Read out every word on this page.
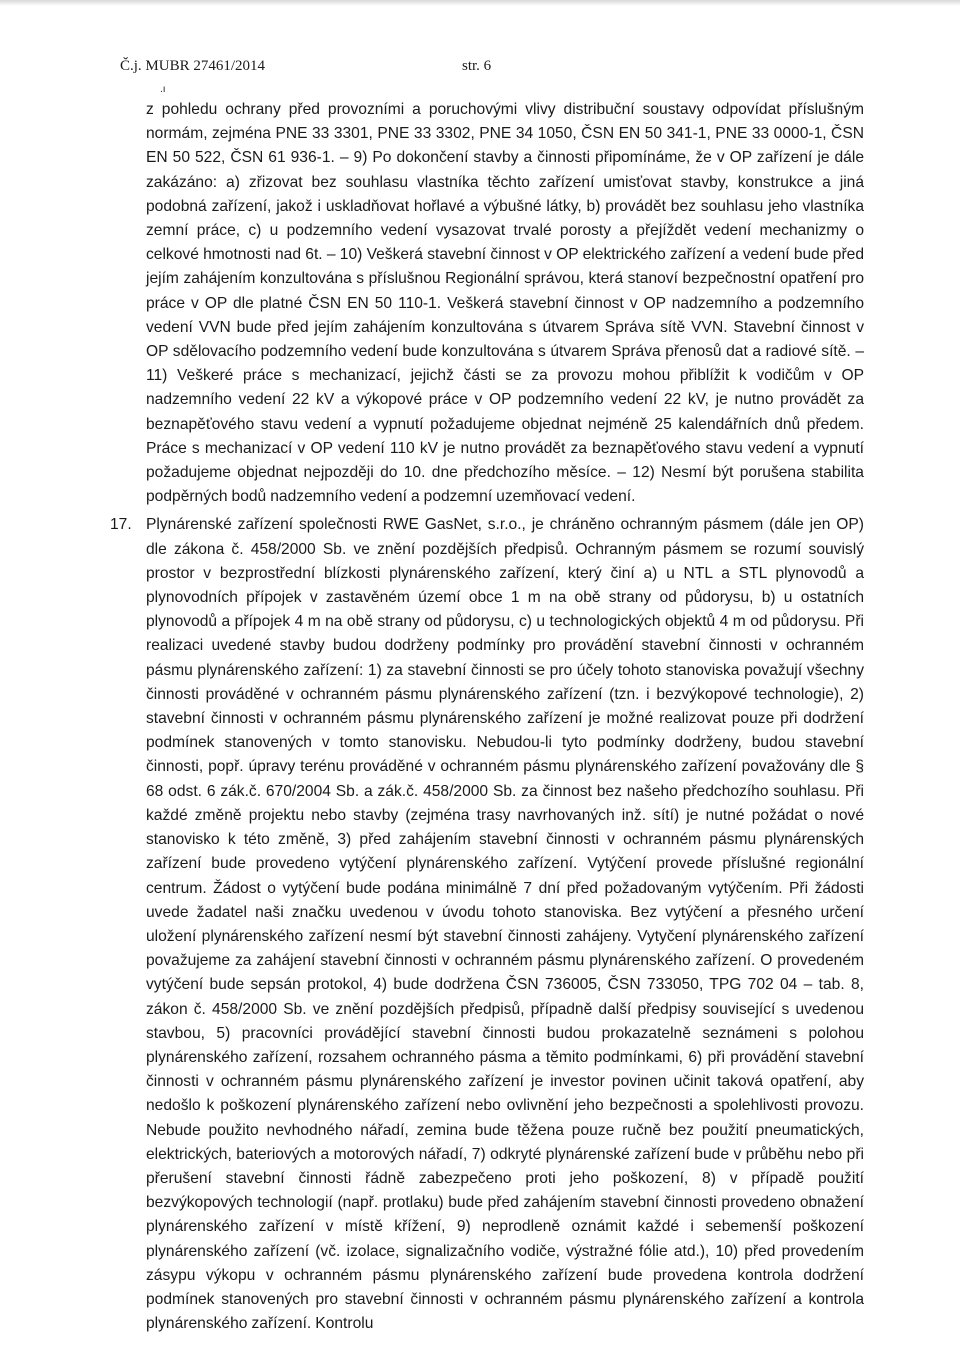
Č.j. MUBR 27461/2014	str. 6
.ı

z pohledu ochrany před provozními a poruchovými vlivy distribuční soustavy odpovídat příslušným normám, zejména PNE 33 3301, PNE 33 3302, PNE 34 1050, ČSN EN 50 341-1, PNE 33 0000-1, ČSN EN 50 522, ČSN 61 936-1. – 9) Po dokončení stavby a činnosti připomínáme, že v OP zařízení je dále zakázáno: a) zřizovat bez souhlasu vlastníka těchto zařízení umisťovat stavby, konstrukce a jiná podobná zařízení, jakož i uskladňovat hořlavé a výbušné látky, b) provádět bez souhlasu jeho vlastníka zemní práce, c) u podzemního vedení vysazovat trvalé porosty a přejíždět vedení mechanizmy o celkové hmotnosti nad 6t. – 10) Veškerá stavební činnost v OP elektrického zařízení a vedení bude před jejím zahájením konzultována s příslušnou Regionální správou, která stanoví bezpečnostní opatření pro práce v OP dle platné ČSN EN 50 110-1. Veškerá stavební činnost v OP nadzemního a podzemního vedení VVN bude před jejím zahájením konzultována s útvarem Správa sítě VVN. Stavební činnost v OP sdělovacího podzemního vedení bude konzultována s útvarem Správa přenosů dat a radiové sítě. – 11) Veškeré práce s mechanizací, jejichž části se za provozu mohou přiblížit k vodičům v OP nadzemního vedení 22 kV a výkopové práce v OP podzemního vedení 22 kV, je nutno provádět za beznapěťového stavu vedení a vypnutí požadujeme objednat nejméně 25 kalendářních dnů předem. Práce s mechanizací v OP vedení 110 kV je nutno provádět za beznapěťového stavu vedení a vypnutí požadujeme objednat nejpozději do 10. dne předchozího měsíce. – 12) Nesmí být porušena stabilita podpěrných bodů nadzemního vedení a podzemní uzemňovací vedení.

17. Plynárenské zařízení společnosti RWE GasNet, s.r.o., je chráněno ochranným pásmem (dále jen OP) dle zákona č. 458/2000 Sb. ve znění pozdějších předpisů. Ochranným pásmem se rozumí souvislý prostor v bezprostřední blízkosti plynárenského zařízení, který činí a) u NTL a STL plynovodů a plynovodních přípojek v zastavěném území obce 1 m na obě strany od půdorysu, b) u ostatních plynovodů a přípojek 4 m na obě strany od půdorysu, c) u technologických objektů 4 m od půdorysu. Při realizaci uvedené stavby budou dodrženy podmínky pro provádění stavební činnosti v ochranném pásmu plynárenského zařízení: 1) za stavební činnosti se pro účely tohoto stanoviska považují všechny činnosti prováděné v ochranném pásmu plynárenského zařízení (tzn. i bezvýkopové technologie), 2) stavební činnosti v ochranném pásmu plynárenského zařízení je možné realizovat pouze při dodržení podmínek stanovených v tomto stanovisku. Nebudou-li tyto podmínky dodrženy, budou stavební činnosti, popř. úpravy terénu prováděné v ochranném pásmu plynárenského zařízení považovány dle § 68 odst. 6 zák.č. 670/2004 Sb. a zák.č. 458/2000 Sb. za činnost bez našeho předchozího souhlasu. Při každé změně projektu nebo stavby (zejména trasy navrhovaných inž. sítí) je nutné požádat o nové stanovisko k této změně, 3) před zahájením stavební činnosti v ochranném pásmu plynárenských zařízení bude provedeno vytýčení plynárenského zařízení. Vytýčení provede příslušné regionální centrum. Žádost o vytýčení bude podána minimálně 7 dní před požadovaným vytýčením. Při žádosti uvede žadatel naši značku uvedenou v úvodu tohoto stanoviska. Bez vytýčení a přesného určení uložení plynárenského zařízení nesmí být stavební činnosti zahájeny. Vytyčení plynárenského zařízení považujeme za zahájení stavební činnosti v ochranném pásmu plynárenského zařízení. O provedeném vytýčení bude sepsán protokol, 4) bude dodržena ČSN 736005, ČSN 733050, TPG 702 04 – tab. 8, zákon č. 458/2000 Sb. ve znění pozdějších předpisů, případně další předpisy související s uvedenou stavbou, 5) pracovníci provádějící stavební činnosti budou prokazatelně seznámeni s polohou plynárenského zařízení, rozsahem ochranného pásma a těmito podmínkami, 6) při provádění stavební činnosti v ochranném pásmu plynárenského zařízení je investor povinen učinit taková opatření, aby nedošlo k poškození plynárenského zařízení nebo ovlivnění jeho bezpečnosti a spolehlivosti provozu. Nebude použito nevhodného nářadí, zemina bude těžena pouze ručně bez použití pneumatických, elektrických, bateriových a motorových nářadí, 7) odkryté plynárenské zařízení bude v průběhu nebo při přerušení stavební činnosti řádně zabezpečeno proti jeho poškození, 8) v případě použití bezvýkopových technologií (např. protlaku) bude před zahájením stavební činnosti provedeno obnažení plynárenského zařízení v místě křížení, 9) neprodleně oznámit každé i sebemenší poškození plynárenského zařízení (vč. izolace, signalizačního vodiče, výstražné fólie atd.), 10) před provedením zásypu výkopu v ochranném pásmu plynárenského zařízení bude provedena kontrola dodržení podmínek stanovených pro stavební činnosti v ochranném pásmu plynárenského zařízení a kontrola plynárenského zařízení. Kontrolu
